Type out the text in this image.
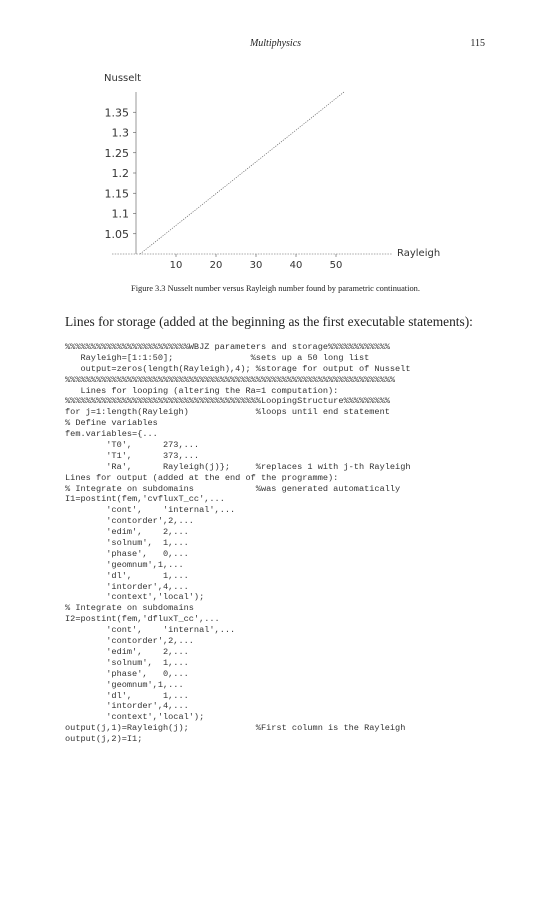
Multiphysics	115
Nusselt
Rayleigh
1.05
1.1
1.15
1.2
1.25
1.3
1.35
10	20	30	40	50
Figure 3.3 Nusselt number versus Rayleigh number found by parametric continuation.
Lines for storage (added at the beginning as the first executable statements):
%%%%%%%%%%%%%%%%%%%%%%%%WBJZ parameters and storage%%%%%%%%%%%%
Rayleigh=[1:1:50];               %sets up a 50 long list
output=zeros(length(Rayleigh),4); %storage for output of Nusselt
%%%%%%%%%%%%%%%%%%%%%%%%%%%%%%%%%%%%%%%%%%%%%%%%%%%%%%%%%%%%%%%%
Lines for looping (altering the Ra=1 computation):
%%%%%%%%%%%%%%%%%%%%%%%%%%%%%%%%%%%%%%LoopingStructure%%%%%%%%%
for j=1:length(Rayleigh)             %loops until end statement
% Define variables
fem.variables={...
'T0',      273,...
'T1',      373,...
'Ra',      Rayleigh(j)};     %replaces 1 with j-th Rayleigh
Lines for output (added at the end of the programme):
% Integrate on subdomains            %was generated automatically
I1=postint(fem,'cvfluxT_cc',...
'cont',    'internal',...
'contorder',2,...
'edim',    2,...
'solnum',  1,...
'phase',   0,...
'geomnum',1,...
'dl',      1,...
'intorder',4,...
'context','local');
% Integrate on subdomains
I2=postint(fem,'dfluxT_cc',...
'cont',    'internal',...
'contorder',2,...
'edim',    2,...
'solnum',  1,...
'phase',   0,...
'geomnum',1,...
'dl',      1,...
'intorder',4,...
'context','local');
output(j,1)=Rayleigh(j);             %First column is the Rayleigh
output(j,2)=I1;
